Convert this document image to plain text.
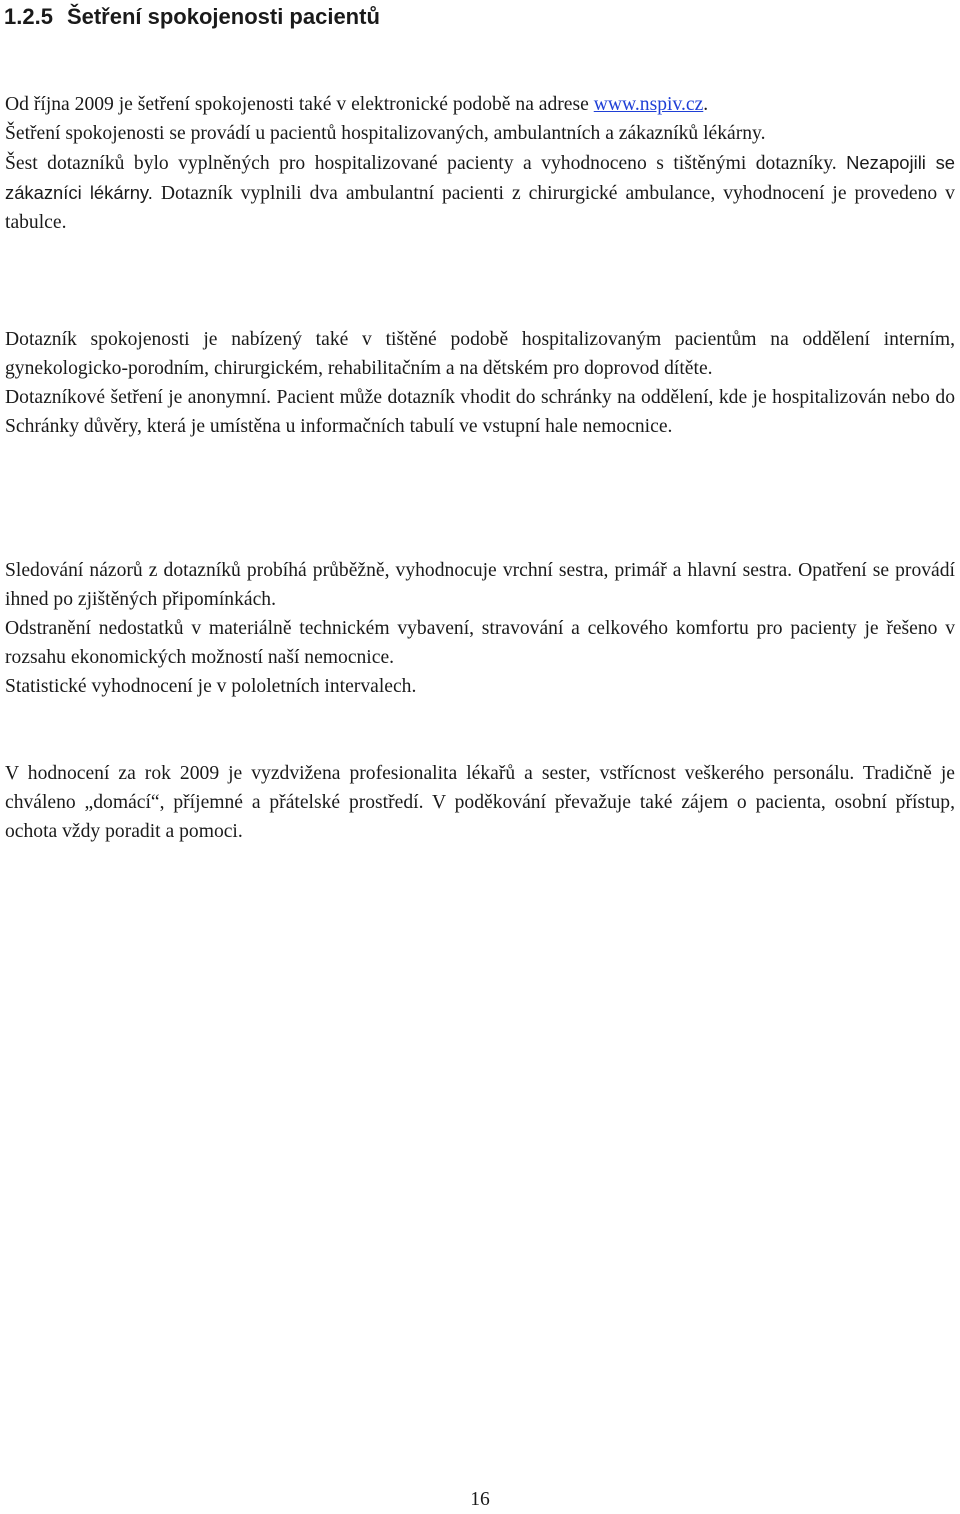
1.2.5 Šetření spokojenosti pacientů

Od října 2009 je šetření spokojenosti také v elektronické podobě na adrese www.nspiv.cz.

Šetření spokojenosti se provádí u pacientů hospitalizovaných, ambulantních a zákazníků lékárny.

Šest dotazníků bylo vyplněných pro hospitalizované pacienty a vyhodnoceno s tištěnými dotazníky. Nezapojili se zákazníci lékárny. Dotazník vyplnili dva ambulantní pacienti z chirurgické ambulance, vyhodnocení je provedeno v tabulce.

Dotazník spokojenosti je nabízený také v tištěné podobě hospitalizovaným pacientům na oddělení interním, gynekologicko-porodním, chirurgickém, rehabilitačním a na dětském pro doprovod dítěte.

Dotazníkové šetření je anonymní. Pacient může dotazník vhodit do schránky na oddělení, kde je hospitalizován nebo do Schránky důvěry, která je umístěna u informačních tabulí ve vstupní hale nemocnice.

Sledování názorů z dotazníků probíhá průběžně, vyhodnocuje vrchní sestra, primář a hlavní sestra. Opatření se provádí ihned po zjištěných připomínkách.

Odstranění nedostatků v materiálně technickém vybavení, stravování a celkového komfortu pro pacienty je řešeno v rozsahu ekonomických možností naší nemocnice.

Statistické vyhodnocení je v pololetních intervalech.

V hodnocení za rok 2009 je vyzdvižena profesionalita lékařů a sester, vstřícnost veškerého personálu. Tradičně je chváleno „domácí“, příjemné a přátelské prostředí. V poděkování převažuje také zájem o pacienta, osobní přístup, ochota vždy poradit a pomoci.

16
